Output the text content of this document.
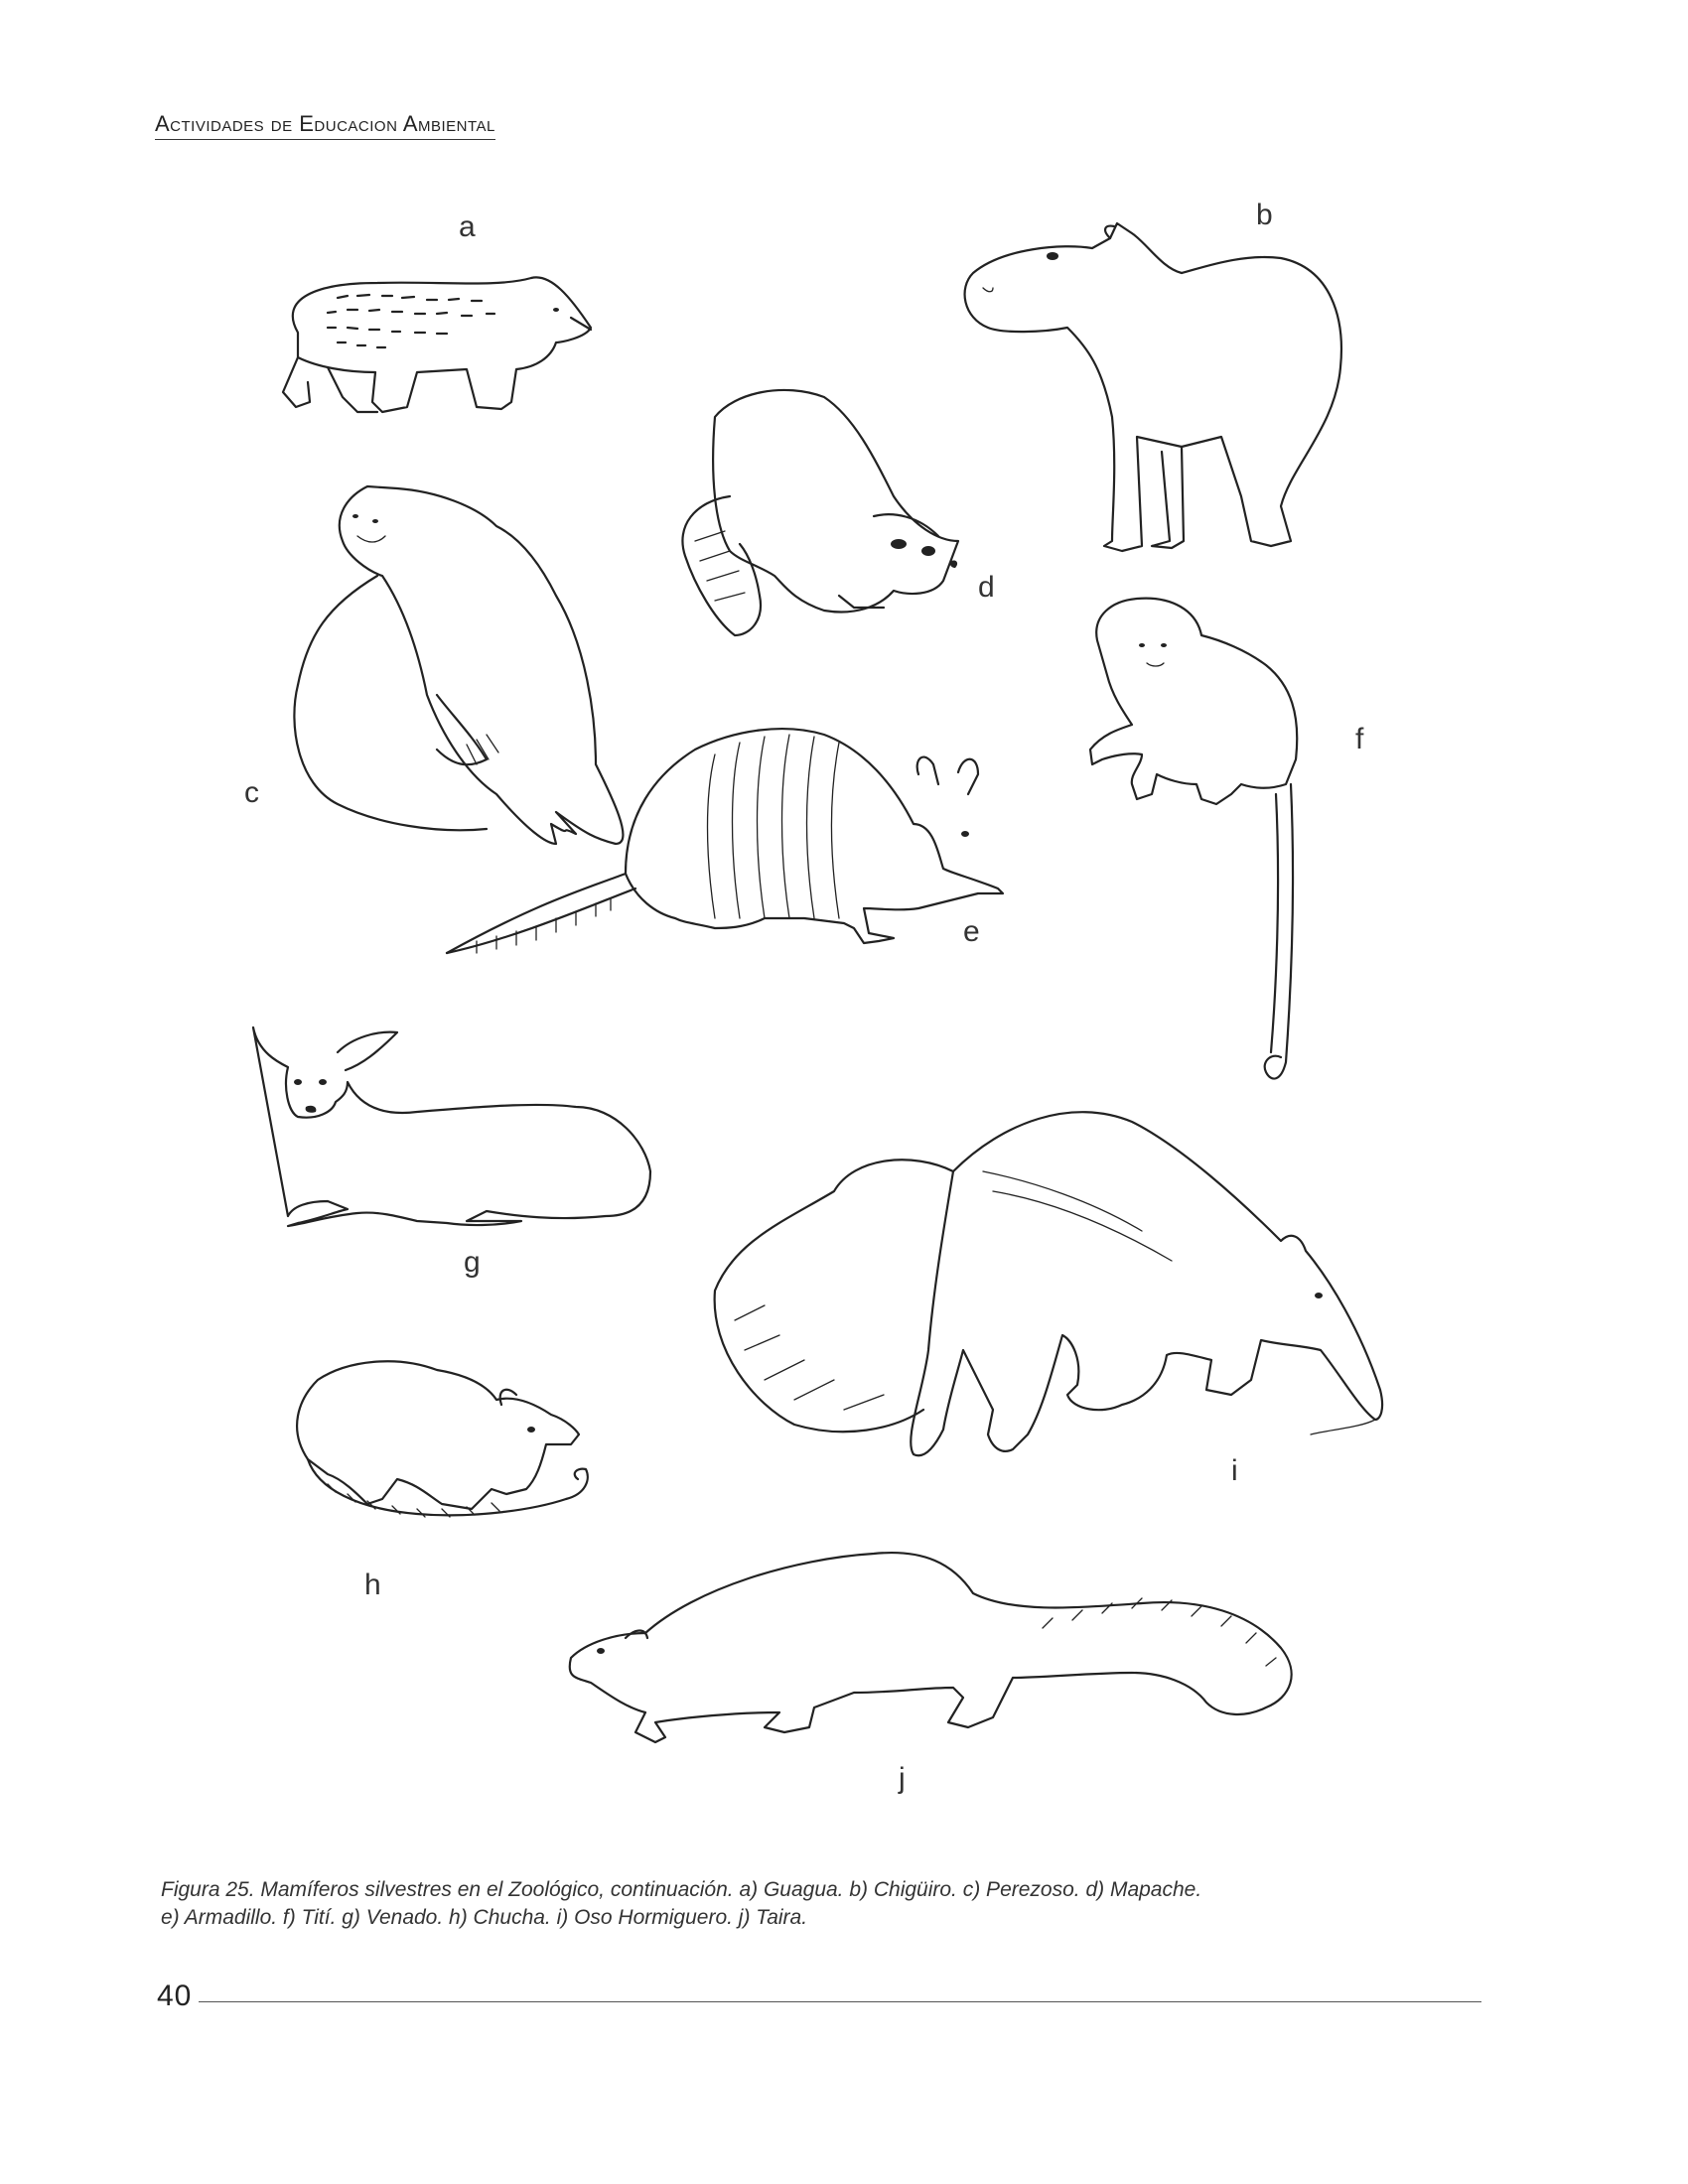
Actividades de Educacion Ambiental
a	b
c
d
e
f
g
h
i
j
Figura 25. Mamíferos silvestres en el Zoológico, continuación. a) Guagua. b) Chigüiro. c) Perezoso. d) Mapache.
e) Armadillo. f) Tití. g) Venado. h) Chucha. i) Oso Hormiguero. j) Taira.
40
